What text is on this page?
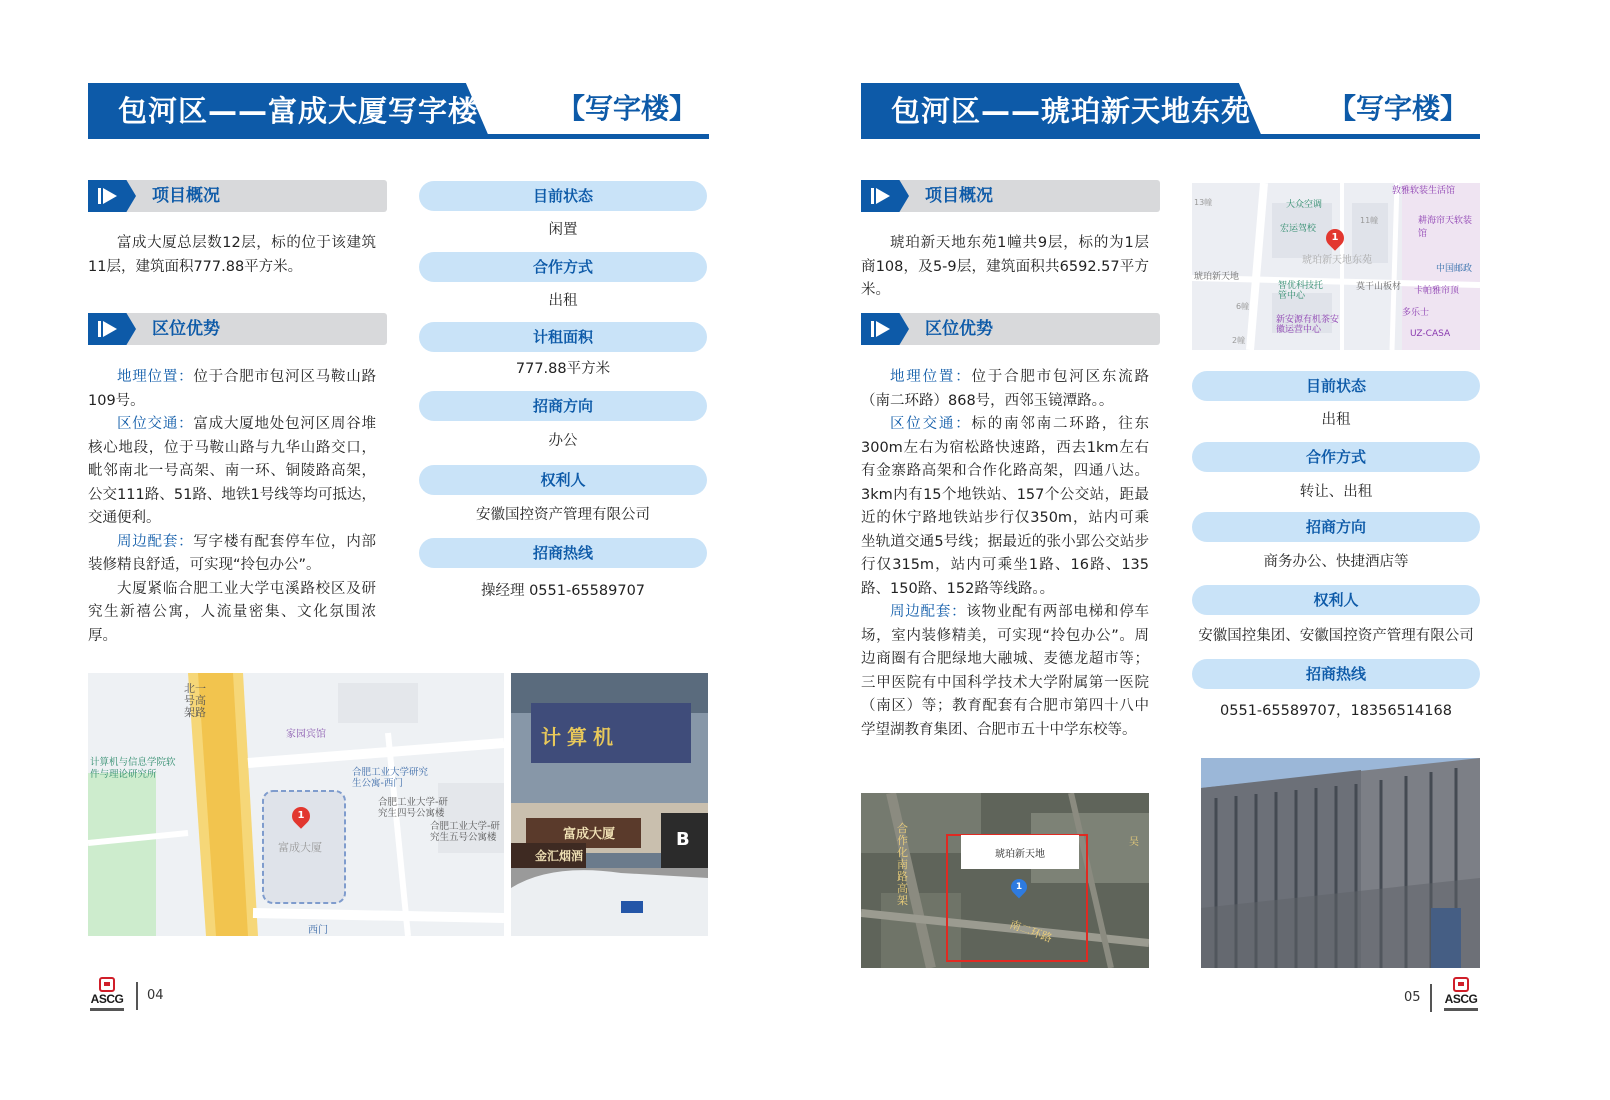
包河区——富成大厦写字楼	【写字楼】
项目概况

富成大厦总层数12层，标的位于该建筑11层，建筑面积777.88平方米。

区位优势

地理位置：位于合肥市包河区马鞍山路109号。

区位交通：富成大厦地处包河区周谷堆核心地段，位于马鞍山路与九华山路交口，毗邻南北一号高架、南一环、铜陵路高架，公交111路、51路、地铁1号线等均可抵达，交通便利。

周边配套：写字楼有配套停车位，内部装修精良舒适，可实现“拎包办公”。

大厦紧临合肥工业大学屯溪路校区及研究生新禧公寓，人流量密集、文化氛围浓厚。

目前状态
闲置
合作方式
出租
计租面积
777.88平方米
招商方向
办公
权利人
安徽国控资产管理有限公司
招商热线
操经理 0551-65589707
北一号高架路
家园宾馆
计算机与信息学院软件与理论研究所	合肥工业大学研究生公寓-西门
合肥工业大学-研究生四号公寓楼
合肥工业大学-研究生五号公寓楼
1
富成大厦
西门
计算机
富成大厦
金汇烟酒
B
ASCG 04
包河区——琥珀新天地东苑 1 幢 【写字楼】
项目概况

琥珀新天地东苑1幢共9层，标的为1层商108，及5-9层，建筑面积共6592.57平方米。

区位优势

地理位置：位于合肥市包河区东流路（南二环路）868号，西邻玉镜潭路。。

区位交通：标的南邻南二环路，往东300m左右为宿松路快速路，西去1km左右有金寨路高架和合作化路高架，四通八达。3km内有15个地铁站、157个公交站，距最近的休宁路地铁站步行仅350m，站内可乘坐轨道交通5号线；据最近的张小郢公交站步行仅315m，站内可乘坐1路、16路、135路、150路、152路等线路。。

周边配套：该物业配有两部电梯和停车场，室内装修精美，可实现“拎包办公”。周边商圈有合肥绿地大融城、麦德龙超市等；三甲医院有中国科学技术大学附属第一医院（南区）等；教育配套有合肥市第四十八中学望湖教育集团、合肥市五十中学东校等。

敦雅软装生活馆
大众空调
宏运驾校
耕海帘天软装馆
琥珀新天地
琥珀新天地东苑
中国邮政
智优科技托管中心
莫干山板材 卡帕雅帘顶
多乐士
新安源有机茶安徽运营中心	UZ-CASA
11幢
6幢
2幢
13幢
1
目前状态
出租
合作方式
转让、出租
招商方向
商务办公、快捷酒店等
权利人
安徽国控集团、安徽国控资产管理有限公司
招商热线
0551-65589707，18356514168
琥珀新天地
合作化南路高架
南二环路
1
吴
05 ASCG
